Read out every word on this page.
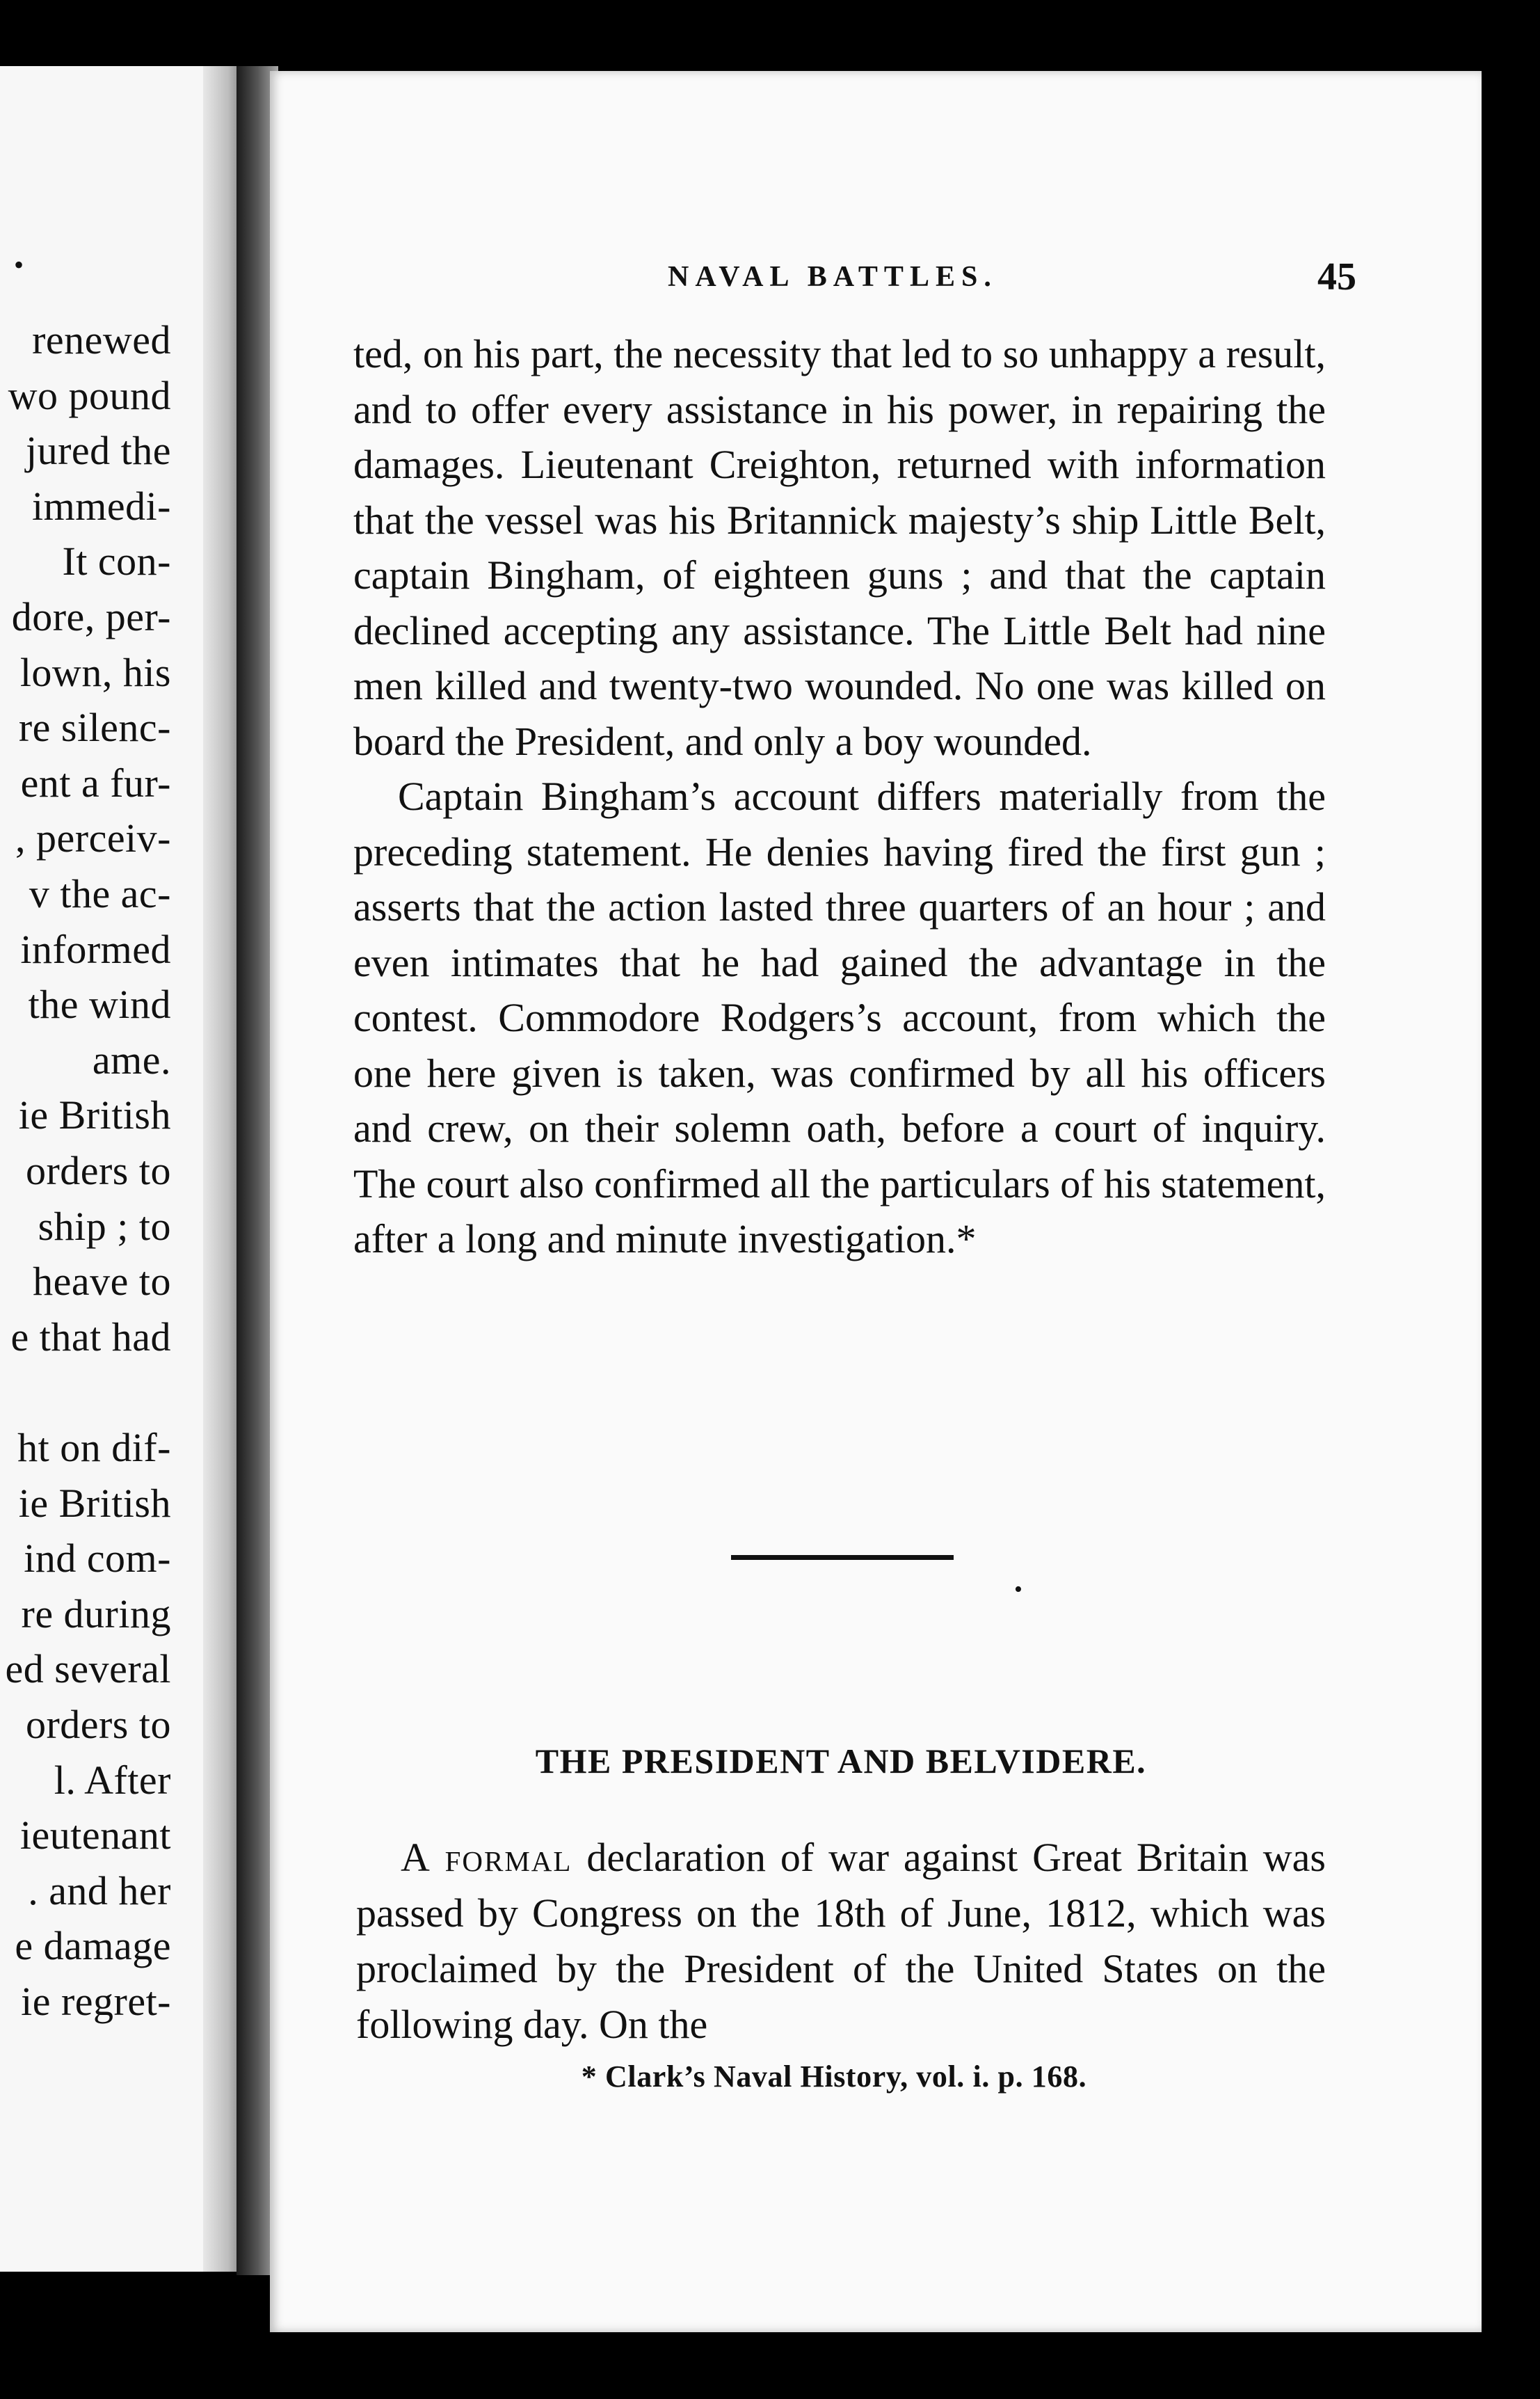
•
renewed
wo pound
jured the
immedi-
It con-
dore, per-
lown, his
re silenc-
ent a fur-
, perceiv-
v the ac-
informed
the wind
ame.
ie British
orders to
ship ; to
heave to
e that had
ht on dif-
ie British
ind com-
re during
ed several
orders to
l. After
ieutenant
. and her
e damage
ie regret-
NAVAL BATTLES.	45

ted, on his part, the necessity that led to so unhappy a result, and to offer every assistance in his power, in repairing the damages. Lieutenant Creighton, returned with information that the vessel was his Britannick majesty’s ship Little Belt, captain Bingham, of eighteen guns ; and that the captain declined accepting any assistance. The Little Belt had nine men killed and twenty-two wounded. No one was killed on board the President, and only a boy wounded.

Captain Bingham’s account differs materially from the preceding statement. He denies having fired the first gun ; asserts that the action lasted three quarters of an hour ; and even intimates that he had gained the advantage in the contest. Commodore Rodgers’s account, from which the one here given is taken, was confirmed by all his officers and crew, on their solemn oath, before a court of inquiry. The court also confirmed all the particulars of his statement, after a long and minute investigation.*

•
THE PRESIDENT AND BELVIDERE.

A formal declaration of war against Great Britain was passed by Congress on the 18th of June, 1812, which was proclaimed by the President of the United States on the following day. On the

* Clark’s Naval History, vol. i. p. 168.
